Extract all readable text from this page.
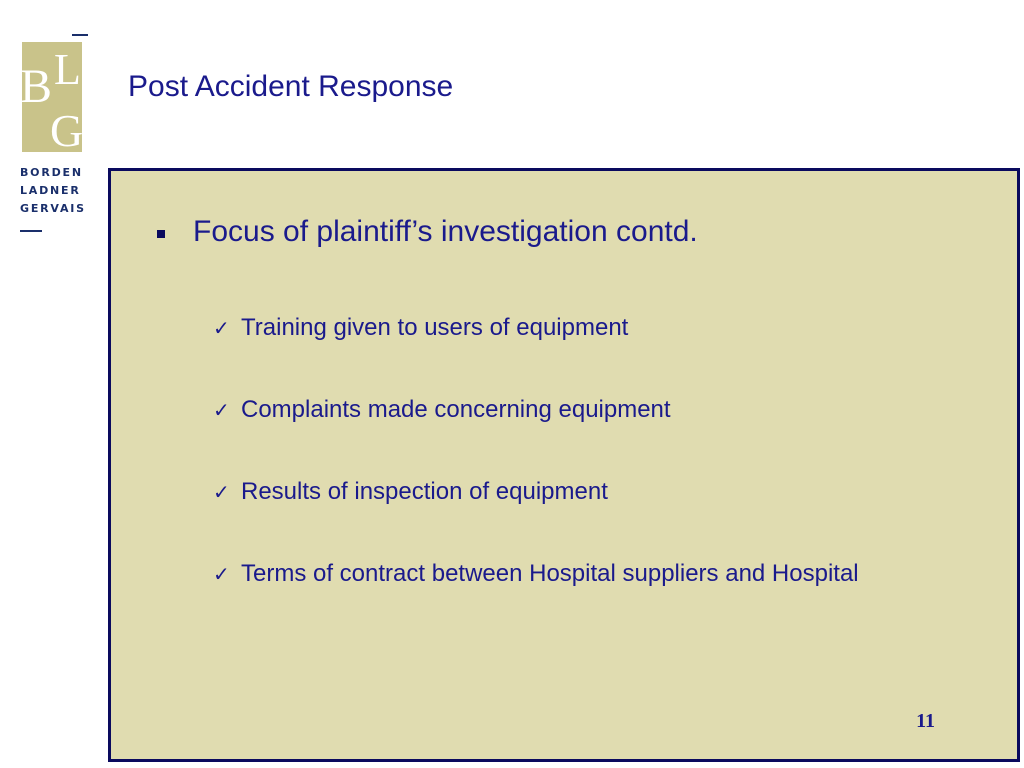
B L
G
BORDEN
LADNER
GERVAIS
Post Accident Response
Focus of plaintiff’s investigation contd.
✓ Training given to users of equipment
✓ Complaints made concerning equipment
✓ Results of inspection of equipment
✓ Terms of contract between Hospital suppliers and Hospital
11
